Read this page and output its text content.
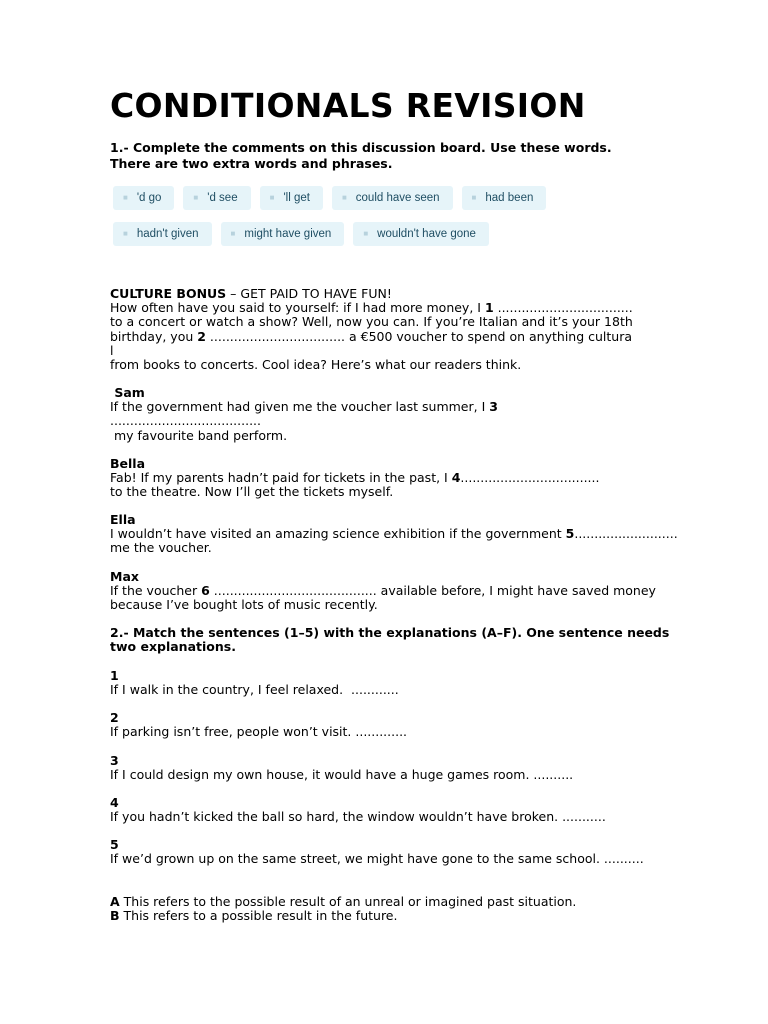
CONDITIONALS REVISION
1.- Complete the comments on this discussion board. Use these words.
There are two extra words and phrases.
■ 'd go	■ 'd see	■ 'll get	■ could have seen	■ had been
■ hadn't given	■ might have given	■ wouldn't have gone
CULTURE BONUS – GET PAID TO HAVE FUN!
How often have you said to yourself: if I had more money, I 1 ..................................
to a concert or watch a show? Well, now you can. If you’re Italian and it’s your 18th
birthday, you 2 .................................. a €500 voucher to spend on anything cultura
l
from books to concerts. Cool idea? Here’s what our readers think.
Sam
If the government had given me the voucher last summer, I 3
......................................
my favourite band perform.
Bella
Fab! If my parents hadn’t paid for tickets in the past, I 4...................................
to the theatre. Now I’ll get the tickets myself.
Ella
I wouldn’t have visited an amazing science exhibition if the government 5..........................
me the voucher.
Max
If the voucher 6 ......................................... available before, I might have saved money
because I’ve bought lots of music recently.
2.- Match the sentences (1–5) with the explanations (A–F). One sentence needs
two explanations.
1
If I walk in the country, I feel relaxed.  ............
2
If parking isn’t free, people won’t visit. .............
3
If I could design my own house, it would have a huge games room. ..........
4
If you hadn’t kicked the ball so hard, the window wouldn’t have broken. ...........
5
If we’d grown up on the same street, we might have gone to the same school. ..........
A This refers to the possible result of an unreal or imagined past situation.
B This refers to a possible result in the future.
